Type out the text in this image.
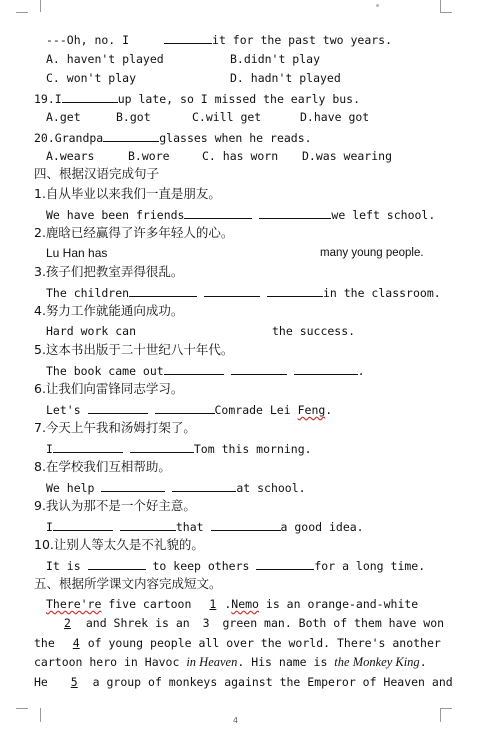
---Oh, no. I	it for the past two years.
A. haven't played	B.didn't play
C. won't play	D. hadn't played
19.I	up late, so I missed the early bus.
A.get	B.got	C.will get	D.have got
20.Grandpa	glasses when he reads.
A.wears	B.wore	C. has worn D.was wearing
四、根据汉语完成句子
1.自从毕业以来我们一直是朋友。
We have been friends	we left school.
2.鹿晗已经赢得了许多年轻人的心。
Lu Han has	many young people.
3.孩子们把教室弄得很乱。
The children	in the classroom.
4.努力工作就能通向成功。
Hard work can	the success.
5.这本书出版于二十世纪八十年代。
The book came out	.
6.让我们向雷锋同志学习。
Let's	Comrade Lei Feng.
7.今天上午我和汤姆打架了。
I	Tom this morning.
8.在学校我们互相帮助。
We help	at school.
9.我认为那不是一个好主意。
I	that	a good idea.
10.让别人等太久是不礼貌的。
It is	to keep others	for a long time.
五、根据所学课文内容完成短文。
There're five cartoon 1 .Nemo is an orange-and-white
2 and Shrek is an 3 green man. Both of them have won
the 4 of young people all over the world. There's another
cartoon hero in Havoc in Heaven. His name is the Monkey King.
He 5 a group of monkeys against the Emperor of Heaven and
4
